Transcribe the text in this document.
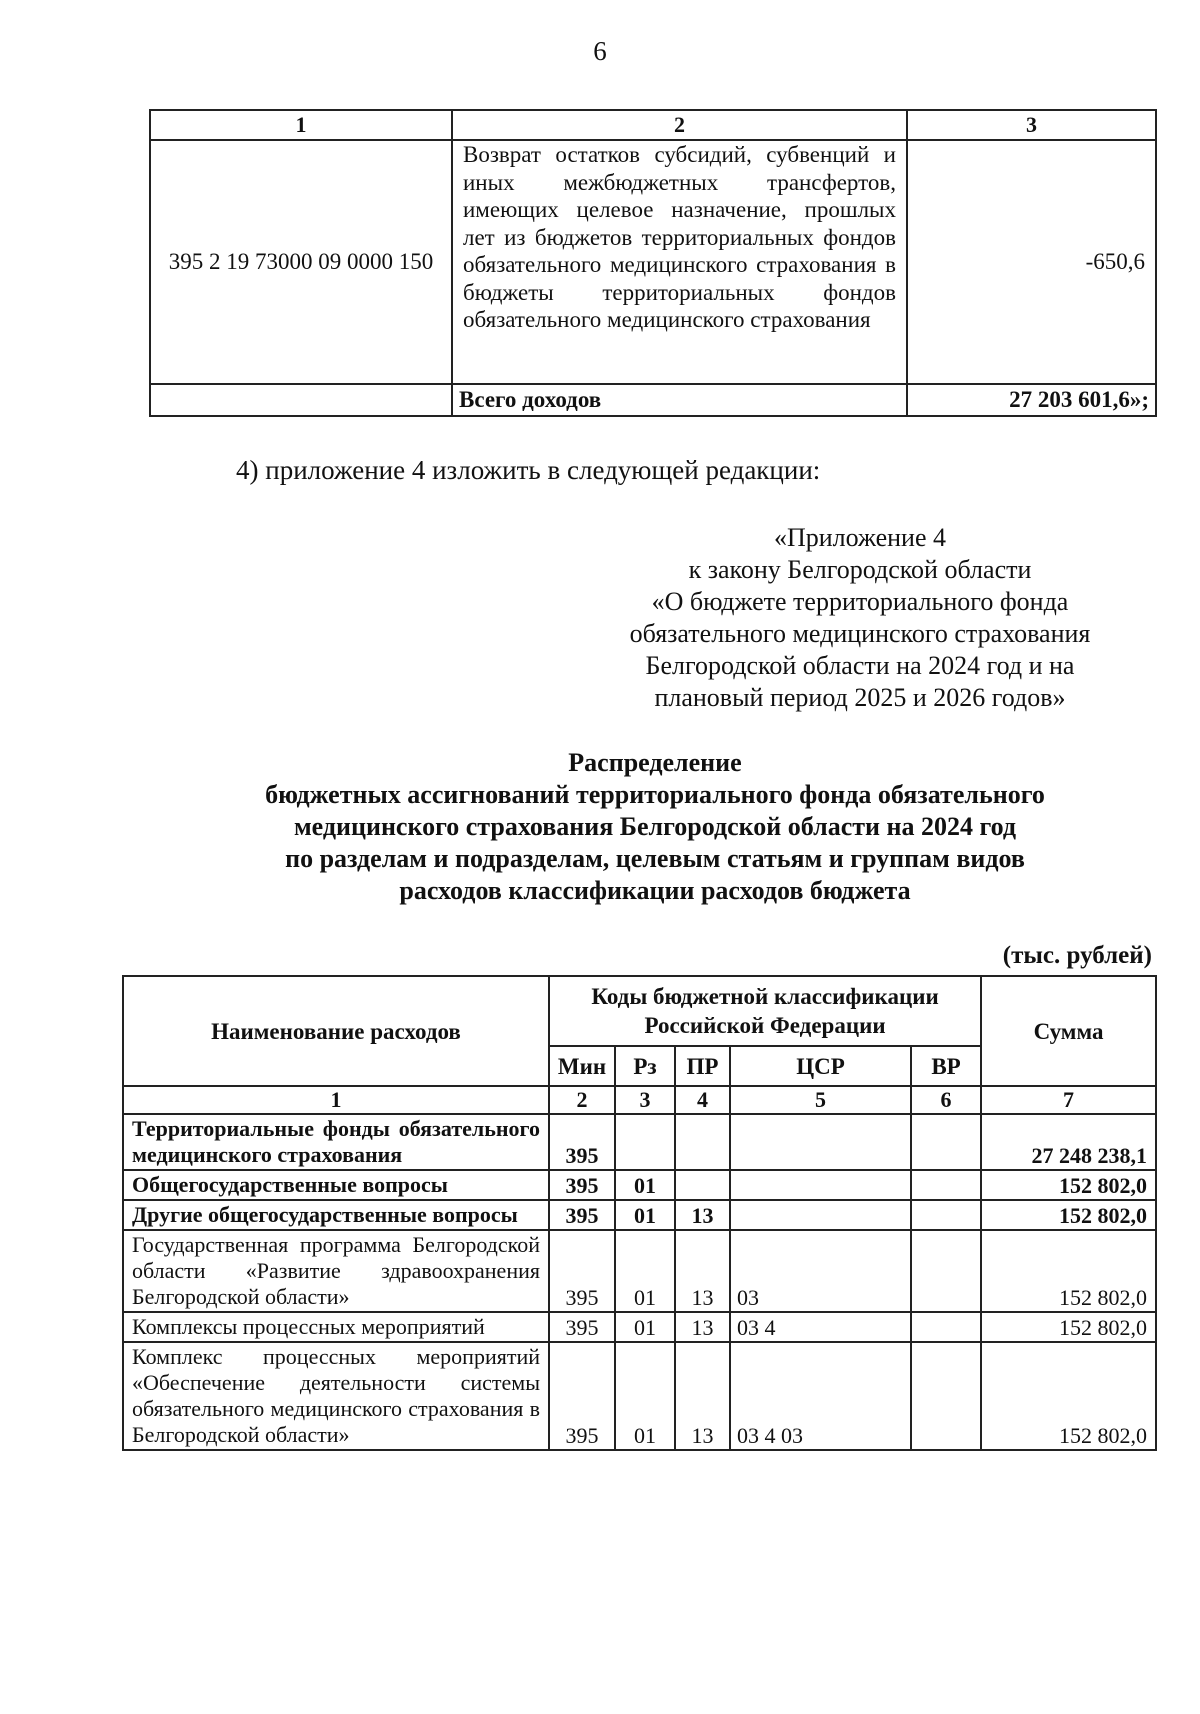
6
1	2	3
395 2 19 73000 09 0000 150	Возврат остатков субсидий, субвенций и иных межбюджетных трансфертов, имеющих целевое назначение, прошлых лет из бюджетов территориальных фондов обязательного медицинского страхования в бюджеты территориальных фондов обязательного медицинского страхования	-650,6
	Всего доходов	27 203 601,6»;
4) приложение 4 изложить в следующей редакции:
«Приложение 4
к закону Белгородской области
«О бюджете территориального фонда
обязательного медицинского страхования
Белгородской области на 2024 год и на
плановый период 2025 и 2026 годов»
Распределение
бюджетных ассигнований территориального фонда обязательного
медицинского страхования Белгородской области на 2024 год
по разделам и подразделам, целевым статьям и группам видов
расходов классификации расходов бюджета
(тыс. рублей)
Наименование расходов	Коды бюджетной классификации Российской Федерации					Сумма
	Мин	Рз	ПР	ЦСР	ВР	
1	2	3	4	5	6	7
Территориальные фонды обязательного медицинского страхования	395					27 248 238,1
Общегосударственные вопросы	395	01				152 802,0
Другие общегосударственные вопросы	395	01	13			152 802,0
Государственная программа Белгородской области «Развитие здравоохранения Белгородской области»	395	01	13	03		152 802,0
Комплексы процессных мероприятий	395	01	13	03 4		152 802,0
Комплекс процессных мероприятий «Обеспечение деятельности системы обязательного медицинского страхования в Белгородской области»	395	01	13	03 4 03		152 802,0
